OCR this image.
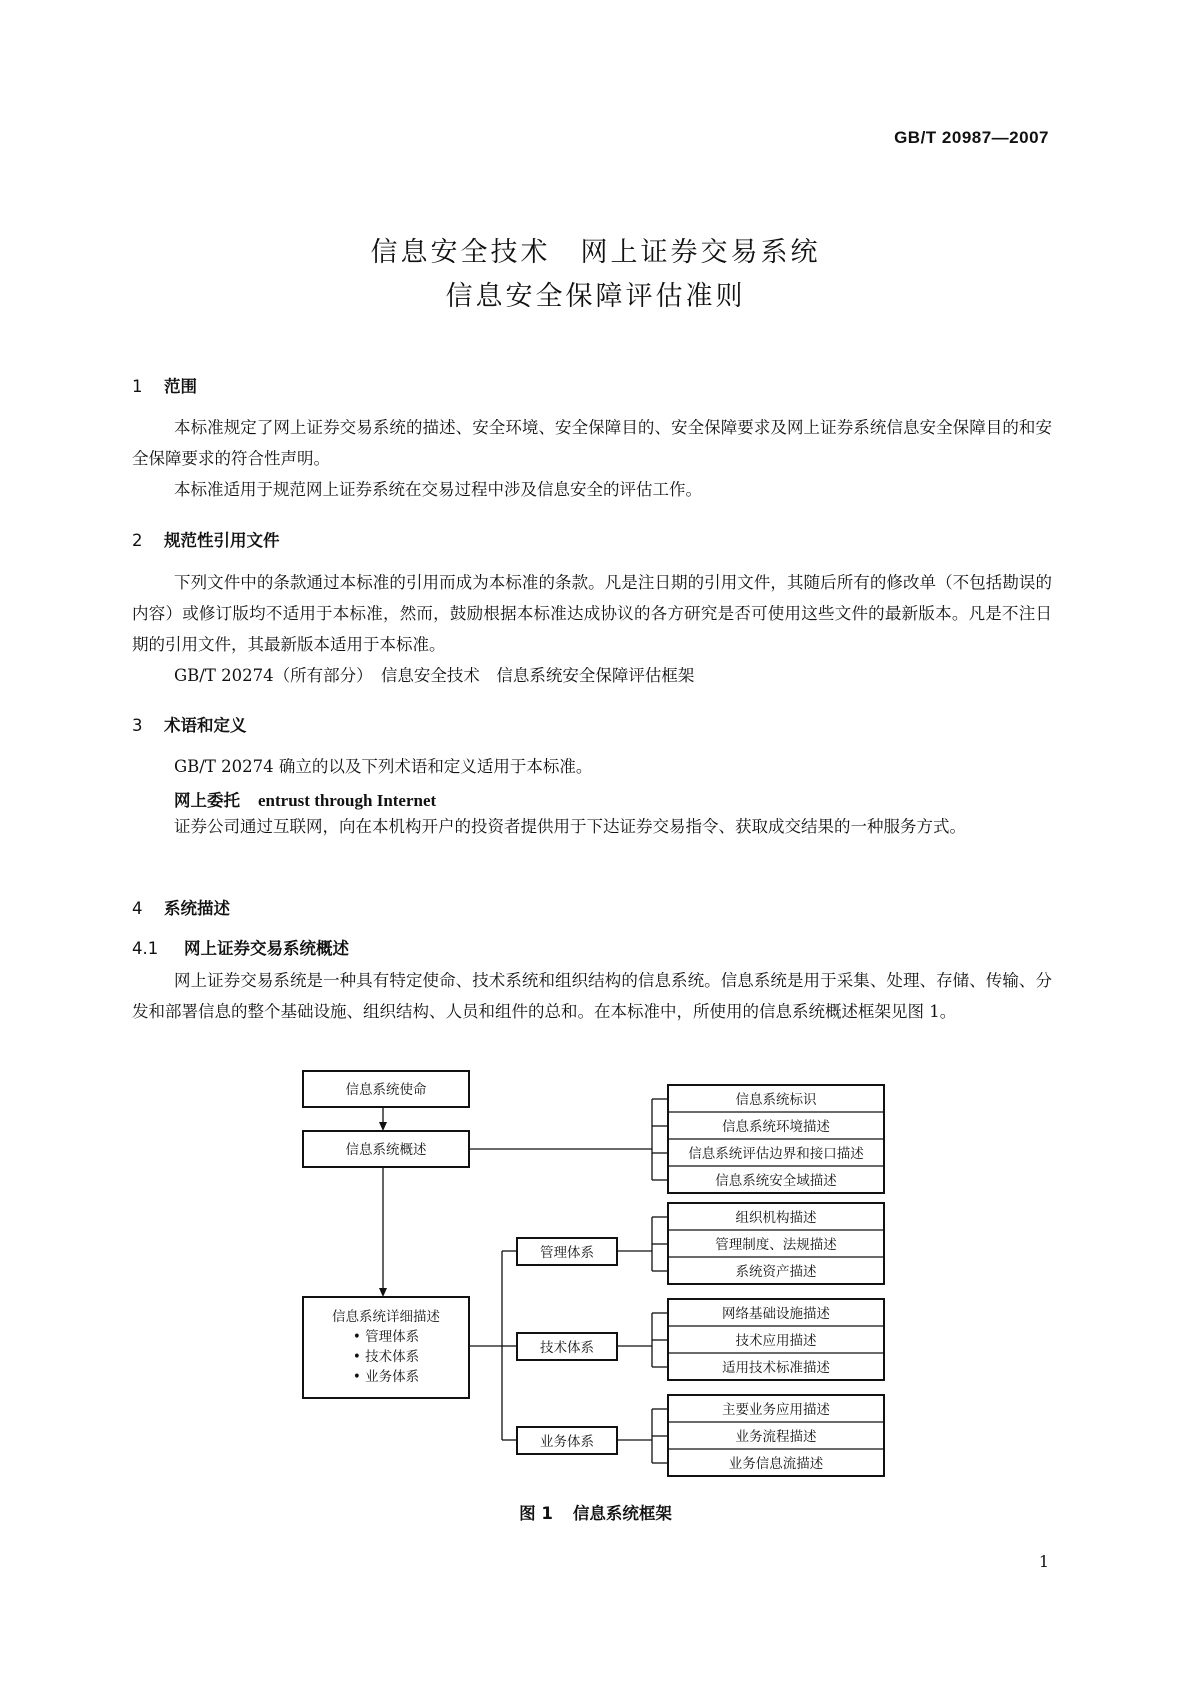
GB/T 20987—2007
信息安全技术　网上证券交易系统
信息安全保障评估准则
1 范围
本标准规定了网上证券交易系统的描述、安全环境、安全保障目的、安全保障要求及网上证券系统信息安全保障目的和安全保障要求的符合性声明。
本标准适用于规范网上证券系统在交易过程中涉及信息安全的评估工作。
2 规范性引用文件
下列文件中的条款通过本标准的引用而成为本标准的条款。凡是注日期的引用文件，其随后所有的修改单（不包括勘误的内容）或修订版均不适用于本标准，然而，鼓励根据本标准达成协议的各方研究是否可使用这些文件的最新版本。凡是不注日期的引用文件，其最新版本适用于本标准。
GB/T 20274（所有部分）　信息安全技术　信息系统安全保障评估框架
3 术语和定义
GB/T 20274 确立的以及下列术语和定义适用于本标准。
网上委托 entrust through Internet
证券公司通过互联网，向在本机构开户的投资者提供用于下达证券交易指令、获取成交结果的一种服务方式。
4 系统描述
4.1 网上证券交易系统概述
网上证券交易系统是一种具有特定使命、技术系统和组织结构的信息系统。信息系统是用于采集、处理、存储、传输、分发和部署信息的整个基础设施、组织结构、人员和组件的总和。在本标准中，所使用的信息系统概述框架见图 1。
信息系统使命
信息系统概述
信息系统标识
信息系统环境描述
信息系统评估边界和接口描述
信息系统安全域描述
信息系统详细描述
• 管理体系
• 技术体系
• 业务体系
管理体系
组织机构描述
管理制度、法规描述
系统资产描述
技术体系
网络基础设施描述
技术应用描述
适用技术标准描述
业务体系
主要业务应用描述
业务流程描述
业务信息流描述
图 1 信息系统框架
1
